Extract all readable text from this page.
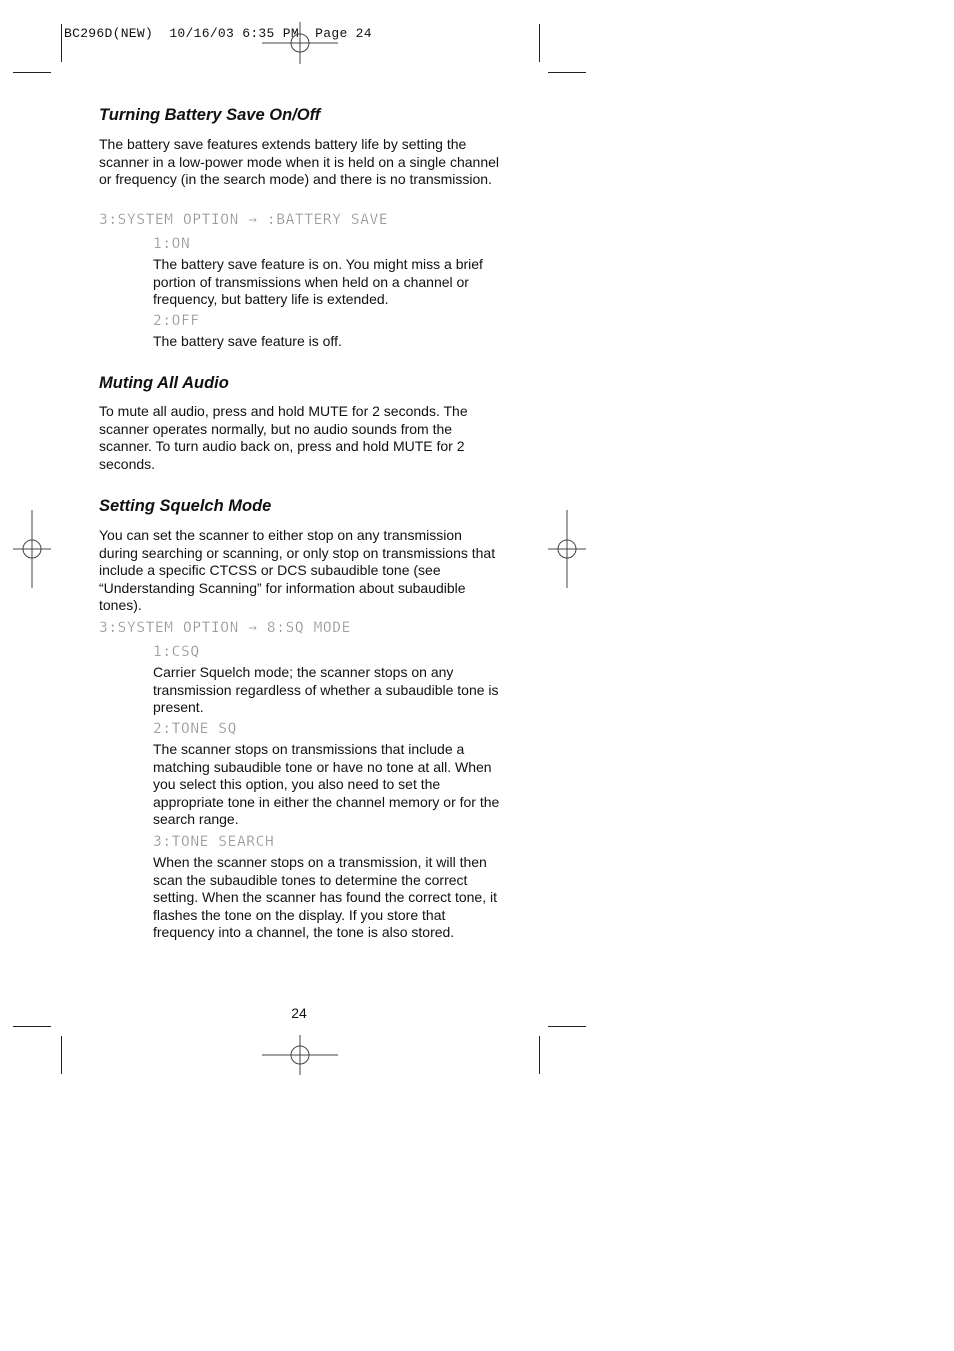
BC296D(NEW)  10/16/03 6:35 PM  Page 24
Turning Battery Save On/Off

The battery save features extends battery life by setting the scanner in a low-power mode when it is held on a single channel or frequency (in the search mode) and there is no transmission.

3:SYSTEM OPTION → :BATTERY SAVE
1:ON

The battery save feature is on. You might miss a brief portion of transmissions when held on a channel or frequency, but battery life is extended.

2:OFF

The battery save feature is off.

Muting All Audio

To mute all audio, press and hold MUTE for 2 seconds. The scanner operates normally, but no audio sounds from the scanner. To turn audio back on, press and hold MUTE for 2 seconds.

Setting Squelch Mode

You can set the scanner to either stop on any transmission during searching or scanning, or only stop on transmissions that include a specific CTCSS or DCS subaudible tone (see “Understanding Scanning” for information about subaudible tones).

3:SYSTEM OPTION → 8:SQ MODE
1:CSQ

Carrier Squelch mode; the scanner stops on any transmission regardless of whether a subaudible tone is present.

2:TONE SQ

The scanner stops on transmissions that include a matching subaudible tone or have no tone at all. When you select this option, you also need to set the appropriate tone in either the channel memory or for the search range.

3:TONE SEARCH

When the scanner stops on a transmission, it will then scan the subaudible tones to determine the correct setting. When the scanner has found the correct tone, it flashes the tone on the display. If you store that frequency into a channel, the tone is also stored.

24
